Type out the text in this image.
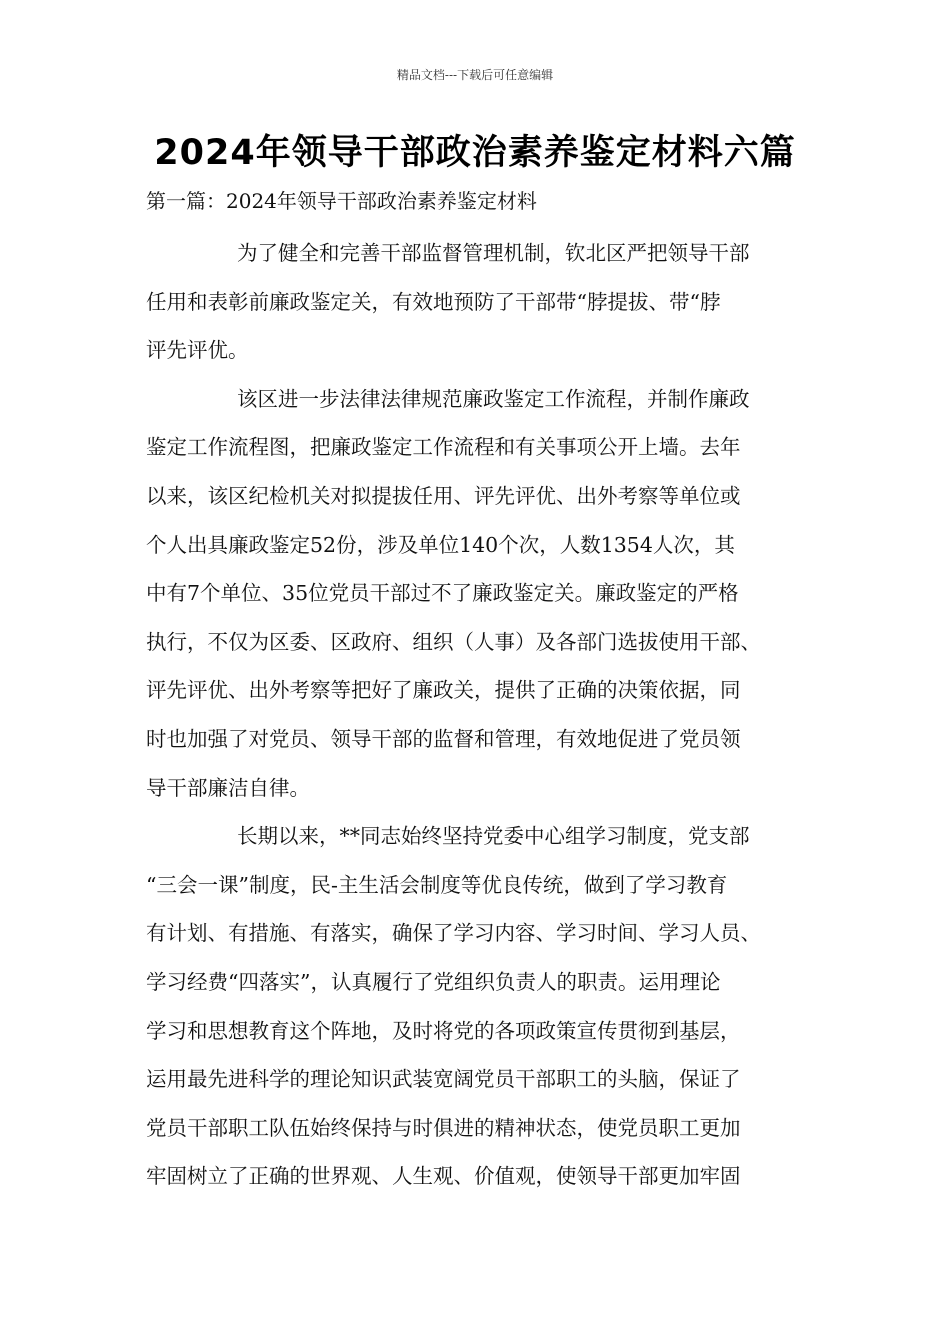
精品文档---下载后可任意编辑
2024年领导干部政治素养鉴定材料六篇
第一篇：2024年领导干部政治素养鉴定材料

为了健全和完善干部监督管理机制，钦北区严把领导干部
任用和表彰前廉政鉴定关，有效地预防了干部带“脖提拔、带“脖
评先评优。

该区进一步法律法律规范廉政鉴定工作流程，并制作廉政
鉴定工作流程图，把廉政鉴定工作流程和有关事项公开上墙。去年
以来，该区纪检机关对拟提拔任用、评先评优、出外考察等单位或
个人出具廉政鉴定52份，涉及单位140个次，人数1354人次，其
中有7个单位、35位党员干部过不了廉政鉴定关。廉政鉴定的严格
执行，不仅为区委、区政府、组织（人事）及各部门选拔使用干部、
评先评优、出外考察等把好了廉政关，提供了正确的决策依据，同
时也加强了对党员、领导干部的监督和管理，有效地促进了党员领
导干部廉洁自律。

长期以来，**同志始终坚持党委中心组学习制度，党支部
“三会一课”制度，民-主生活会制度等优良传统，做到了学习教育
有计划、有措施、有落实，确保了学习内容、学习时间、学习人员、
学习经费“四落实”，认真履行了党组织负责人的职责。运用理论
学习和思想教育这个阵地，及时将党的各项政策宣传贯彻到基层，
运用最先进科学的理论知识武装宽阔党员干部职工的头脑，保证了
党员干部职工队伍始终保持与时俱进的精神状态，使党员职工更加
牢固树立了正确的世界观、人生观、价值观，使领导干部更加牢固
